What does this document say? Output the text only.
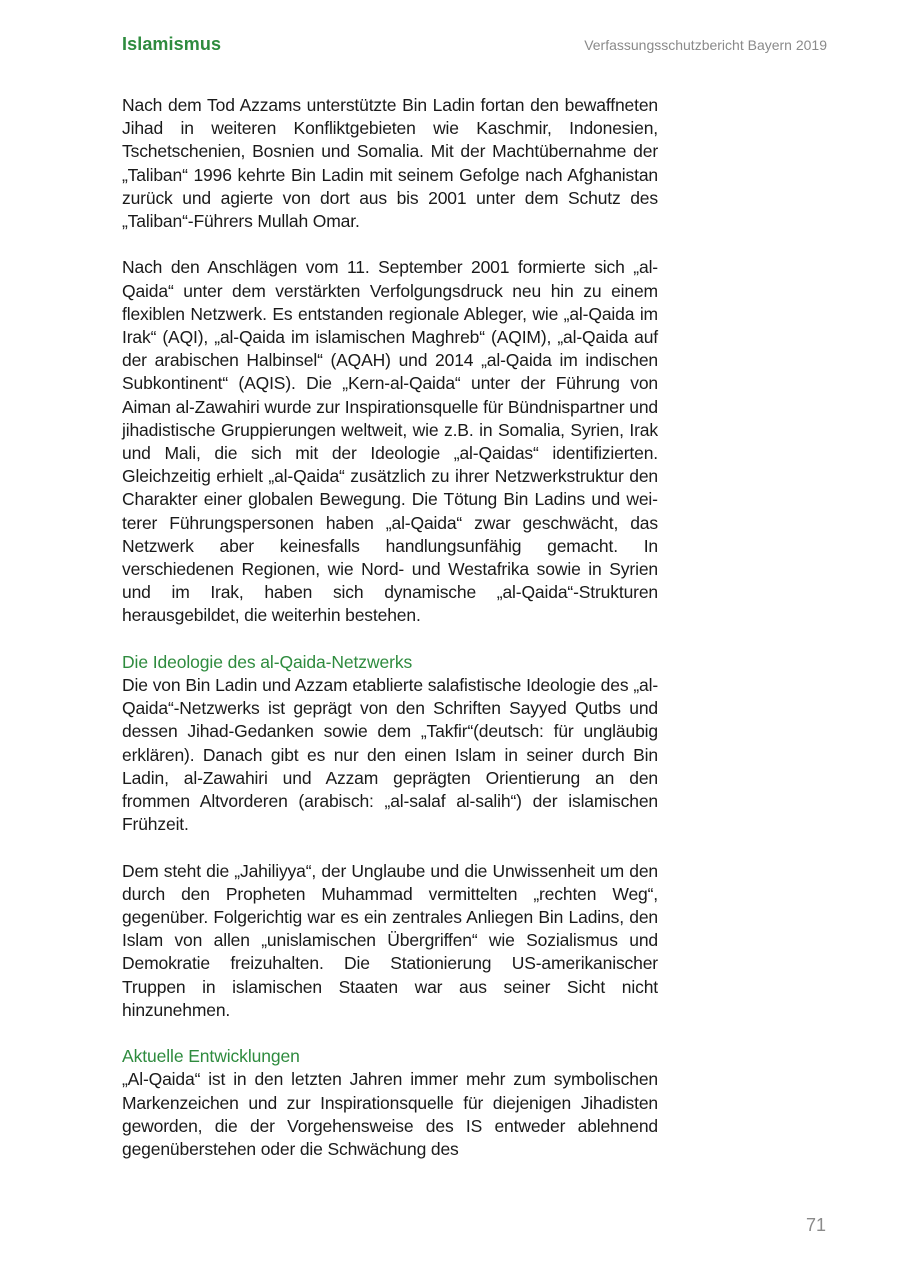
Islamismus	Verfassungsschutzbericht Bayern 2019

Nach dem Tod Azzams unterstützte Bin Ladin fortan den bewaffneten Jihad in weiteren Konfliktgebieten wie Kaschmir, Indonesien, Tschetschenien, Bosnien und Somalia. Mit der Machtübernahme der „Taliban“ 1996 kehrte Bin Ladin mit seinem Gefolge nach Afghanistan zurück und agierte von dort aus bis 2001 unter dem Schutz des „Taliban“-Führers Mullah Omar.

Nach den Anschlägen vom 11. September 2001 formierte sich „al-Qaida“ unter dem verstärkten Verfolgungsdruck neu hin zu einem flexiblen Netzwerk. Es entstanden regionale Ableger, wie „al-Qaida im Irak“ (AQI), „al-Qaida im islamischen Maghreb“ (AQIM), „al-Qaida auf der arabischen Halbinsel“ (AQAH) und 2014 „al-Qaida im indischen Subkontinent“ (AQIS). Die „Kern-al-Qaida“ unter der Führung von Aiman al-Zawahiri wurde zur Inspirationsquelle für Bündnispartner und jihadistische Gruppierungen weltweit, wie z.B. in Somalia, Syrien, Irak und Mali, die sich mit der Ideologie „al-Qaidas“ identifizierten. Gleichzeitig erhielt „al-Qaida“ zusätzlich zu ihrer Netzwerkstruktur den Charakter einer globalen Bewegung. Die Tötung Bin Ladins und weiterer Führungspersonen haben „al-Qaida“ zwar geschwächt, das Netzwerk aber keinesfalls handlungsunfähig gemacht. In verschiedenen Regionen, wie Nord- und Westafrika sowie in Syrien und im Irak, haben sich dynamische „al-Qaida“-Strukturen herausgebildet, die weiterhin bestehen.

Die Ideologie des al-Qaida-Netzwerks

Die von Bin Ladin und Azzam etablierte salafistische Ideologie des „al-Qaida“-Netzwerks ist geprägt von den Schriften Sayyed Qutbs und dessen Jihad-Gedanken sowie dem „Takfir“(deutsch: für ungläubig erklären). Danach gibt es nur den einen Islam in seiner durch Bin Ladin, al-Zawahiri und Azzam geprägten Orientierung an den frommen Altvorderen (arabisch: „al-salaf al-salih“) der islamischen Frühzeit.

Dem steht die „Jahiliyya“, der Unglaube und die Unwissenheit um den durch den Propheten Muhammad vermittelten „rechten Weg“, gegenüber. Folgerichtig war es ein zentrales Anliegen Bin Ladins, den Islam von allen „unislamischen Übergriffen“ wie Sozialismus und Demokratie freizuhalten. Die Stationierung US-amerikanischer Truppen in islamischen Staaten war aus seiner Sicht nicht hinzunehmen.

Aktuelle Entwicklungen

„Al-Qaida“ ist in den letzten Jahren immer mehr zum symbolischen Markenzeichen und zur Inspirationsquelle für diejenigen Jihadisten geworden, die der Vorgehensweise des IS entweder ablehnend gegenüberstehen oder die Schwächung des

71
